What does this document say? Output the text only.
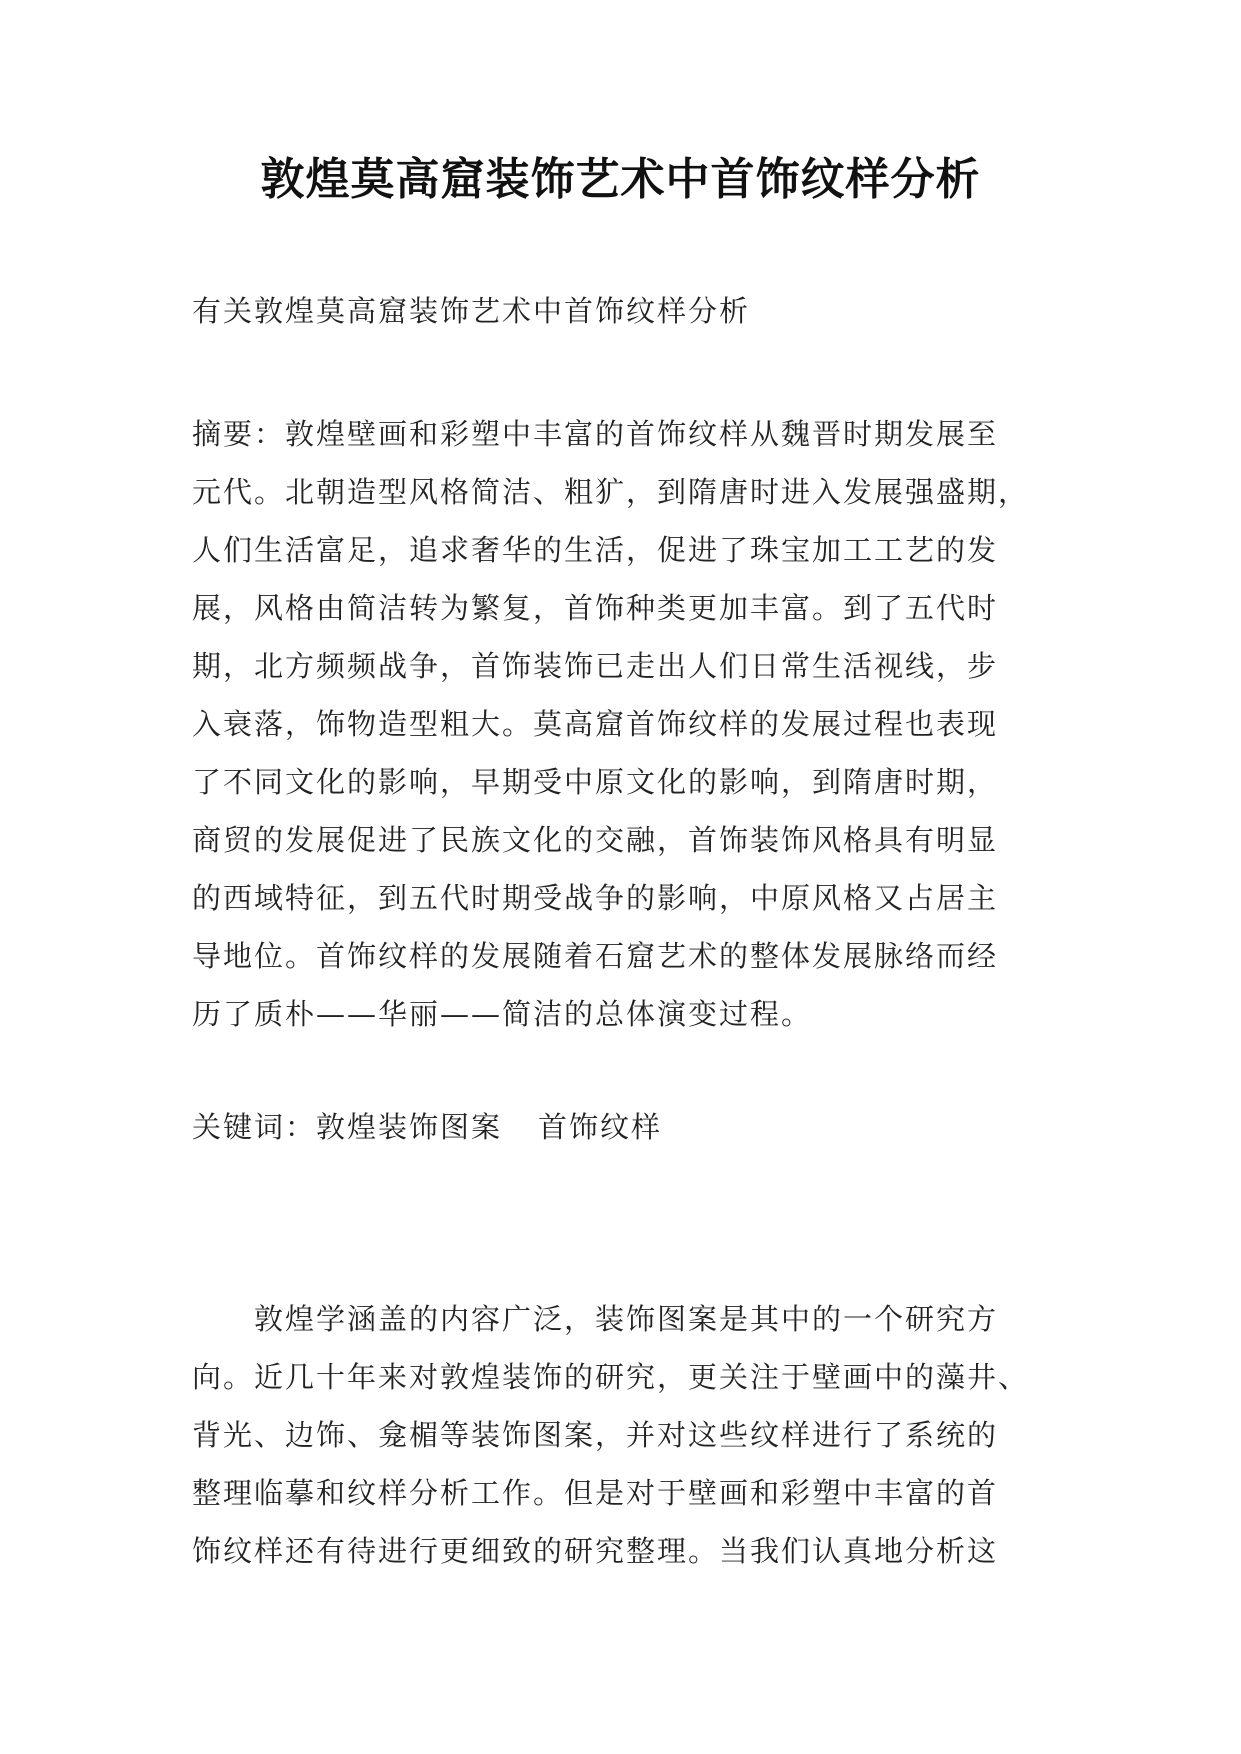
敦煌莫高窟装饰艺术中首饰纹样分析
有关敦煌莫高窟装饰艺术中首饰纹样分析
摘要：敦煌壁画和彩塑中丰富的首饰纹样从魏晋时期发展至
元代。北朝造型风格简洁、粗犷，到隋唐时进入发展强盛期，
人们生活富足，追求奢华的生活，促进了珠宝加工工艺的发
展，风格由简洁转为繁复，首饰种类更加丰富。到了五代时
期，北方频频战争，首饰装饰已走出人们日常生活视线，步
入衰落，饰物造型粗大。莫高窟首饰纹样的发展过程也表现
了不同文化的影响，早期受中原文化的影响，到隋唐时期，
商贸的发展促进了民族文化的交融，首饰装饰风格具有明显
的西域特征，到五代时期受战争的影响，中原风格又占居主
导地位。首饰纹样的发展随着石窟艺术的整体发展脉络而经
历了质朴——华丽——简洁的总体演变过程。
关键词：敦煌装饰图案 首饰纹样
　　敦煌学涵盖的内容广泛，装饰图案是其中的一个研究方
向。近几十年来对敦煌装饰的研究，更关注于壁画中的藻井、
背光、边饰、龛楣等装饰图案，并对这些纹样进行了系统的
整理临摹和纹样分析工作。但是对于壁画和彩塑中丰富的首
饰纹样还有待进行更细致的研究整理。当我们认真地分析这
